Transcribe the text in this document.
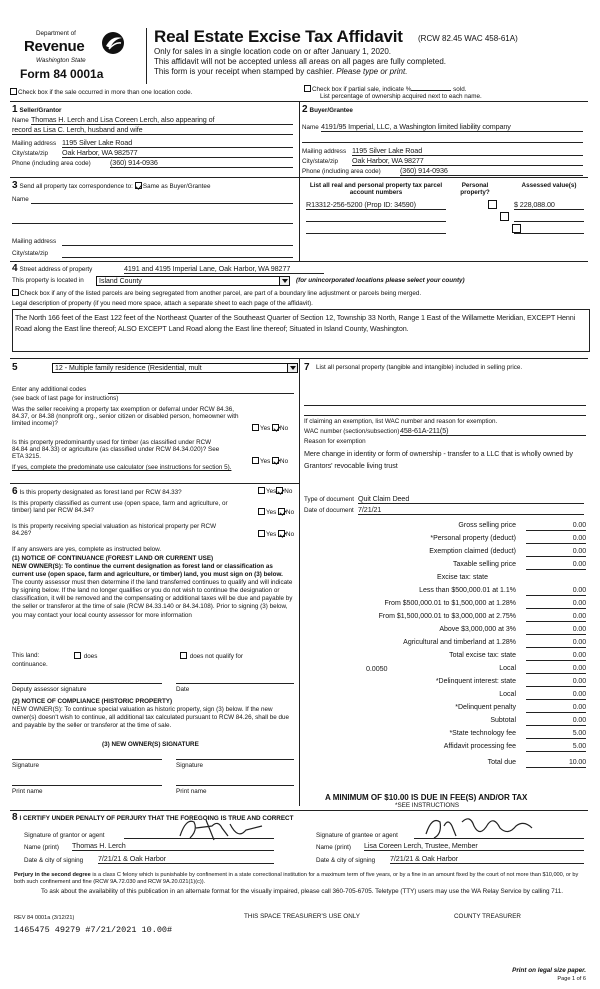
Department of
Revenue
Washington State
Form 84 0001a
Real Estate Excise Tax Affidavit (RCW 82.45 WAC 458-61A)
Only for sales in a single location code on or after January 1, 2020.
This affidavit will not be accepted unless all areas on all pages are fully completed.
This form is your receipt when stamped by cashier. Please type or print.
Check box if the sale occurred in more than one location code.	Check box if partial sale, indicate %	sold.
List percentage of ownership acquired next to each name.
1 Seller/Grantor
Name Thomas H. Lerch and Lisa Coreen Lerch, also appearing of
record as Lisa C. Lerch, husband and wife
Mailing address 1195 Silver Lake Road
City/state/zip Oak Harbor, WA 982577
Phone (including area code)	(360) 914-0936
2 Buyer/Grantee
Name 4191/95 Imperial, LLC, a Washington limited liability company
Mailing address 1195 Silver Lake Road
City/state/zip Oak Harbor, WA 98277
Phone (including area code)	(360) 914-0936
3 Send all property tax correspondence to: Same as Buyer/Grantee
Name
Mailing address
City/state/zip
List all real and personal property tax parcel account numbers
Personal property?
Assessed value(s)
R13312-256-5200 (Prop ID: 34590)
	$ 228,088.00

4 Street address of property	4191 and 4195 Imperial Lane, Oak Harbor, WA 98277
This property is located in	Island County	(for unincorporated locations please select your county)
Check box if any of the listed parcels are being segregated from another parcel, are part of a boundary line adjustment or parcels being merged.
Legal description of property (if you need more space, attach a separate sheet to each page of the affidavit).
The North 166 feet of the East 122 feet of the Northeast Quarter of the Southeast Quarter of Section 12, Township 33 North, Range 1 East of the Willamette Meridian, EXCEPT Henni Road along the East line thereof; ALSO EXCEPT Land Road along the East line thereof; Situated in Island County, Washington.
5	12 - Multiple family residence (Residential, mult
Enter any additional codes
(see back of last page for instructions)
Was the seller receiving a property tax exemption or deferral under RCW 84.36, 84.37, or 84.38 (nonprofit org., senior citizen or disabled person, homeowner with limited income)?
Yes No
Is this property predominantly used for timber (as classified under RCW 84.84 and 84.33) or agriculture (as classified under RCW 84.34.020)? See ETA 3215.
Yes No
If yes, complete the predominate use calculator (see instructions for section 5).
6 Is this property designated as forest land per RCW 84.33?	Yes No
Is this property classified as current use (open space, farm and agriculture, or timber) land per RCW 84.34?	Yes No
Is this property receiving special valuation as historical property per RCW 84.26?	Yes No
If any answers are yes, complete as instructed below.
(1) NOTICE OF CONTINUANCE (FOREST LAND OR CURRENT USE)
NEW OWNER(S): To continue the current designation as forest land or classification as current use (open space, farm and agriculture, or timber) land, you must sign on (3) below. The county assessor must then determine if the land transferred continues to qualify and will indicate by signing below. If the land no longer qualifies or you do not wish to continue the designation or classification, it will be removed and the compensating or additional taxes will be due and payable by the seller or transferor at the time of sale (RCW 84.33.140 or 84.34.108). Prior to signing (3) below, you may contact your local county assessor for more information
This land:	does	does not qualify for
continuance.
Deputy assessor signature	Date
(2) NOTICE OF COMPLIANCE (HISTORIC PROPERTY)
NEW OWNER(S): To continue special valuation as historic property, sign (3) below. If the new owner(s) doesn't wish to continue, all additional tax calculated pursuant to RCW 84.26, shall be due and payable by the seller or transferor at the time of sale.
(3) NEW OWNER(S) SIGNATURE
Signature	Signature
Print name	Print name
7 List all personal property (tangible and intangible) included in selling price.
If claiming an exemption, list WAC number and reason for exemption.
WAC number (section/subsection) 458-61A-211(5)
Reason for exemption
Mere change in identity or form of ownership - transfer to a LLC that is wholly owned by Grantors' revocable living trust
Type of document Quit Claim Deed
Date of document 7/21/21
Gross selling price	0.00
*Personal property (deduct)	0.00
Exemption claimed (deduct)	0.00
Taxable selling price	0.00
Excise tax: state
Less than $500,000.01 at 1.1%	0.00
From $500,000.01 to $1,500,000 at 1.28%	0.00
From $1,500,000.01 to $3,000,000 at 2.75%	0.00
Above $3,000,000 at 3%	0.00
Agricultural and timberland at 1.28%	0.00
Total excise tax: state	0.00
0.0050	Local	0.00
*Delinquent interest: state	0.00
Local	0.00
*Delinquent penalty	0.00
Subtotal	0.00
*State technology fee	5.00
Affidavit processing fee	5.00
Total due	10.00
A MINIMUM OF $10.00 IS DUE IN FEE(S) AND/OR TAX
*SEE INSTRUCTIONS
8 I CERTIFY UNDER PENALTY OF PERJURY THAT THE FOREGOING IS TRUE AND CORRECT
Signature of grantor or agent	Signature of grantee or agent
Name (print) Thomas H. Lerch	Name (print) Lisa Coreen Lerch, Trustee, Member
Date & city of signing 7/21/21 & Oak Harbor	Date & city of signing 7/21/21 & Oak Harbor
Perjury in the second degree is a class C felony which is punishable by confinement in a state correctional institution for a maximum term of five years, or by a fine in an amount fixed by the court of not more than $10,000, or by both such confinement and fine (RCW 9A.72.030 and RCW 9A.20.021(1)(c)).
To ask about the availability of this publication in an alternate format for the visually impaired, please call 360-705-6705. Teletype (TTY) users may use the WA Relay Service by calling 711.
REV 84 0001a (3/12/21)	THIS SPACE TREASURER'S USE ONLY	COUNTY TREASURER
1465475 49279 #7/21/2021 10.00#
Print on legal size paper.
Page 1 of 6
